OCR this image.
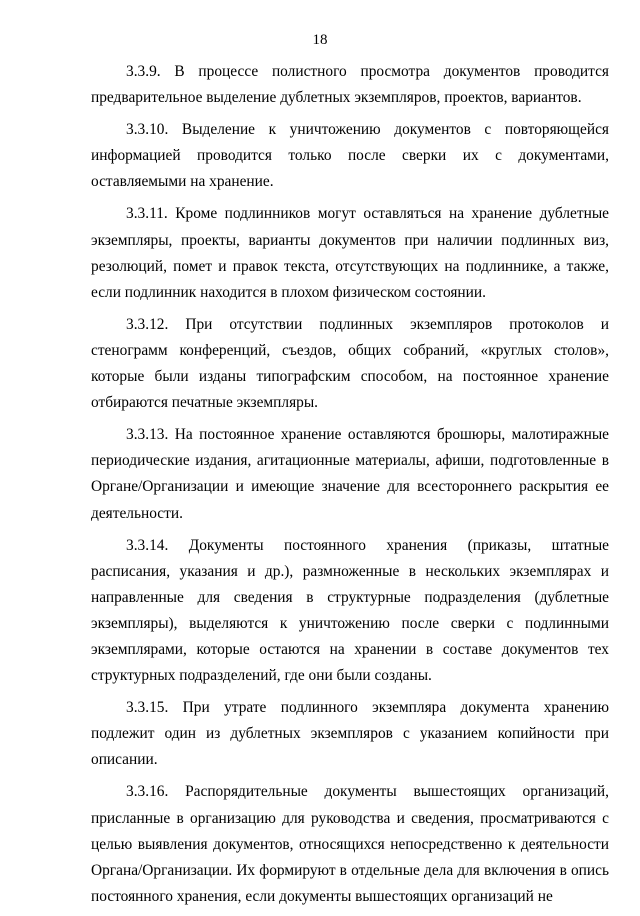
18

3.3.9. В процессе полистного просмотра документов проводится предварительное выделение дублетных экземпляров, проектов, вариантов.

3.3.10. Выделение к уничтожению документов с повторяющейся информацией проводится только после сверки их с документами, оставляемыми на хранение.

3.3.11. Кроме подлинников могут оставляться на хранение дублетные экземпляры, проекты, варианты документов при наличии подлинных виз, резолюций, помет и правок текста, отсутствующих на подлиннике, а также, если подлинник находится в плохом физическом состоянии.

3.3.12. При отсутствии подлинных экземпляров протоколов и стенограмм конференций, съездов, общих собраний, «круглых столов», которые были изданы типографским способом, на постоянное хранение отбираются печатные экземпляры.

3.3.13. На постоянное хранение оставляются брошюры, малотиражные периодические издания, агитационные материалы, афиши, подготовленные в Органе/Организации и имеющие значение для всестороннего раскрытия ее деятельности.

3.3.14. Документы постоянного хранения (приказы, штатные расписания, указания и др.), размноженные в нескольких экземплярах и направленные для сведения в структурные подразделения (дублетные экземпляры), выделяются к уничтожению после сверки с подлинными экземплярами, которые остаются на хранении в составе документов тех структурных подразделений, где они были созданы.

3.3.15. При утрате подлинного экземпляра документа хранению подлежит один из дублетных экземпляров с указанием копийности при описании.

3.3.16. Распорядительные документы вышестоящих организаций, присланные в организацию для руководства и сведения, просматриваются с целью выявления документов, относящихся непосредственно к деятельности Органа/Организации. Их формируют в отдельные дела для включения в опись постоянного хранения, если документы вышестоящих организаций не
